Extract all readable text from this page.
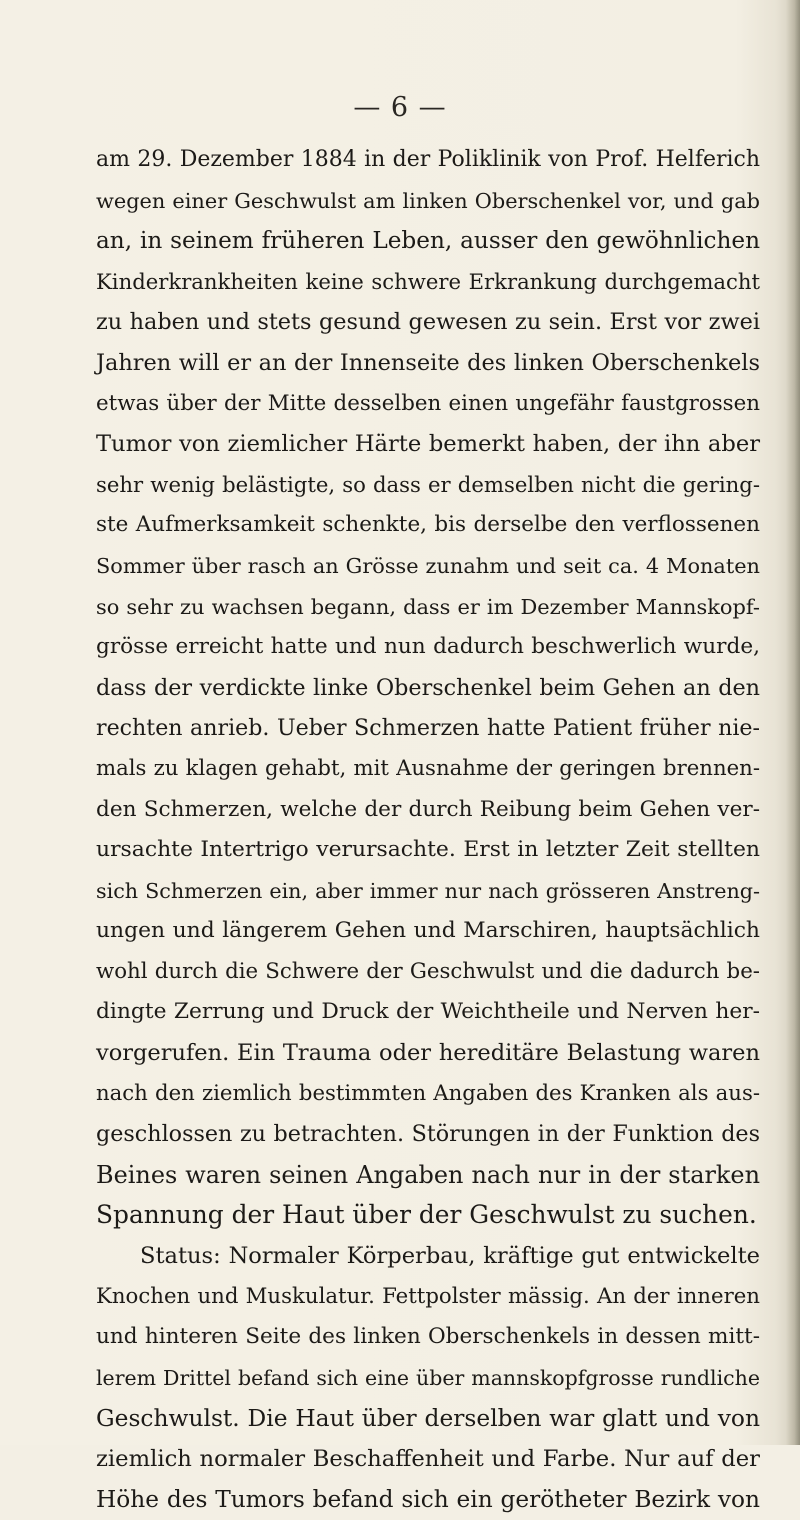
— 6 —
am 29. Dezember 1884 in der Poliklinik von Prof. Helferich
wegen einer Geschwulst am linken Oberschenkel vor, und gab
an, in seinem früheren Leben, ausser den gewöhnlichen
Kinderkrankheiten keine schwere Erkrankung durchgemacht
zu haben und stets gesund gewesen zu sein. Erst vor zwei
Jahren will er an der Innenseite des linken Oberschenkels
etwas über der Mitte desselben einen ungefähr faustgrossen
Tumor von ziemlicher Härte bemerkt haben, der ihn aber
sehr wenig belästigte, so dass er demselben nicht die gering-
ste Aufmerksamkeit schenkte, bis derselbe den verflossenen
Sommer über rasch an Grösse zunahm und seit ca. 4 Monaten
so sehr zu wachsen begann, dass er im Dezember Mannskopf-
grösse erreicht hatte und nun dadurch beschwerlich wurde,
dass der verdickte linke Oberschenkel beim Gehen an den
rechten anrieb. Ueber Schmerzen hatte Patient früher nie-
mals zu klagen gehabt, mit Ausnahme der geringen brennen-
den Schmerzen, welche der durch Reibung beim Gehen ver-
ursachte Intertrigo verursachte. Erst in letzter Zeit stellten
sich Schmerzen ein, aber immer nur nach grösseren Anstreng-
ungen und längerem Gehen und Marschiren, hauptsächlich
wohl durch die Schwere der Geschwulst und die dadurch be-
dingte Zerrung und Druck der Weichtheile und Nerven her-
vorgerufen. Ein Trauma oder hereditäre Belastung waren
nach den ziemlich bestimmten Angaben des Kranken als aus-
geschlossen zu betrachten. Störungen in der Funktion des
Beines waren seinen Angaben nach nur in der starken
Spannung der Haut über der Geschwulst zu suchen.
Status: Normaler Körperbau, kräftige gut entwickelte
Knochen und Muskulatur. Fettpolster mässig. An der inneren
und hinteren Seite des linken Oberschenkels in dessen mitt-
lerem Drittel befand sich eine über mannskopfgrosse rundliche
Geschwulst. Die Haut über derselben war glatt und von
ziemlich normaler Beschaffenheit und Farbe. Nur auf der
Höhe des Tumors befand sich ein gerötheter Bezirk von
